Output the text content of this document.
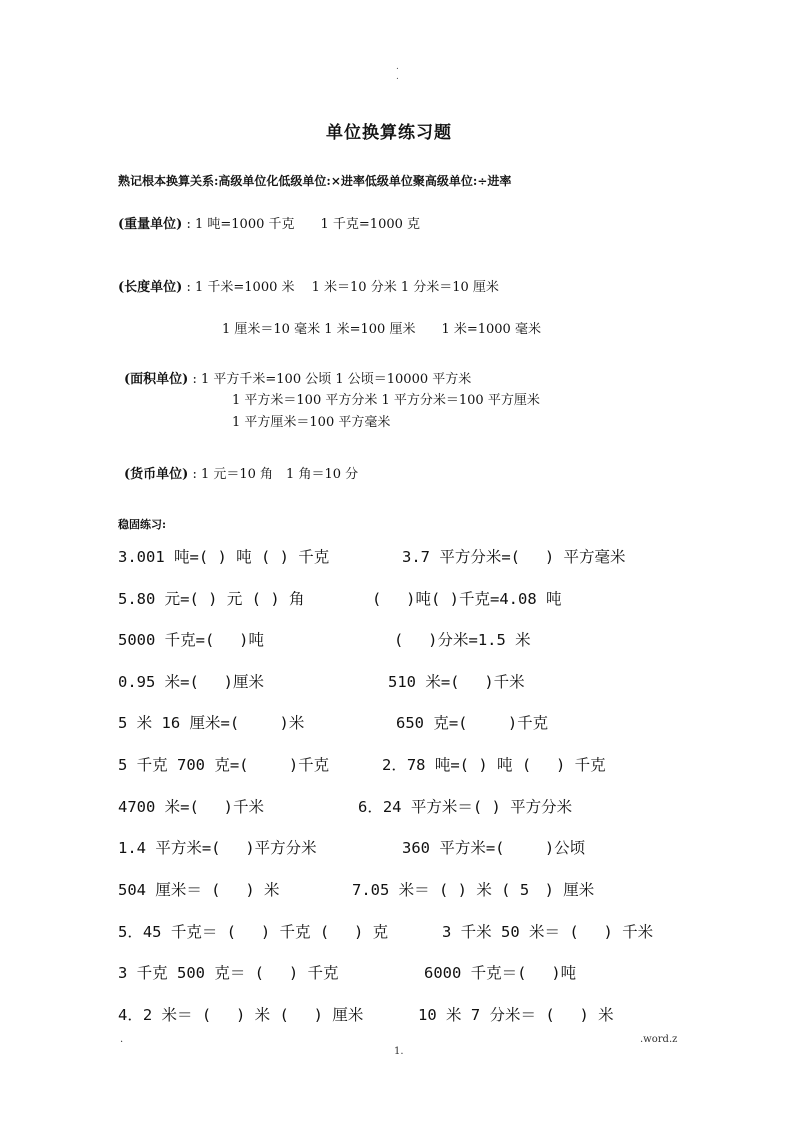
.
.
单位换算练习题
熟记根本换算关系:高级单位化低级单位:×进率低级单位聚高级单位:÷进率
(重量单位) : 1 吨=1000 千克　　1 千克=1000 克
(长度单位) : 1 千米=1000 米　 1 米＝10 分米 1 分米＝10 厘米
1 厘米＝10 毫米 1 米=100 厘米　　1 米=1000 毫米
(面积单位) : 1 平方千米=100 公顷 1 公顷＝10000 平方米
1 平方米＝100 平方分米 1 平方分米＝100 平方厘米
1 平方厘米＝100 平方毫米
(货币单位) : 1 元＝10 角　1 角＝10 分
稳固练习:
3.001 吨=( ) 吨 ( ) 千克	3.7 平方分米=(　 ) 平方毫米
5.80 元=( ) 元 ( ) 角	(　 )吨( )千克=4.08 吨
5000 千克=(　 )吨	(　 )分米=1.5 米
0.95 米=(　 )厘米	510 米=(　 )千米
5 米 16 厘米=(　　 )米	650 克=(　　 )千克
5 千克 700 克=(　　 )千克	2．78 吨=( ) 吨 (　 ) 千克
4700 米=(　 )千米	6．24 平方米＝( ) 平方分米
1.4 平方米=(　 )平方分米	360 平方米=(　　 )公顷
504 厘米＝ (　 ) 米	7.05 米＝ ( ) 米 ( 5　) 厘米
5．45 千克＝ (　 ) 千克 (　 ) 克	3 千米 50 米＝ (　 ) 千米
3 千克 500 克＝ (　 ) 千克	6000 千克＝(　 )吨
4．2 米＝ (　 ) 米 (　 ) 厘米	10 米 7 分米＝ (　 ) 米
.	.word.z
1.
